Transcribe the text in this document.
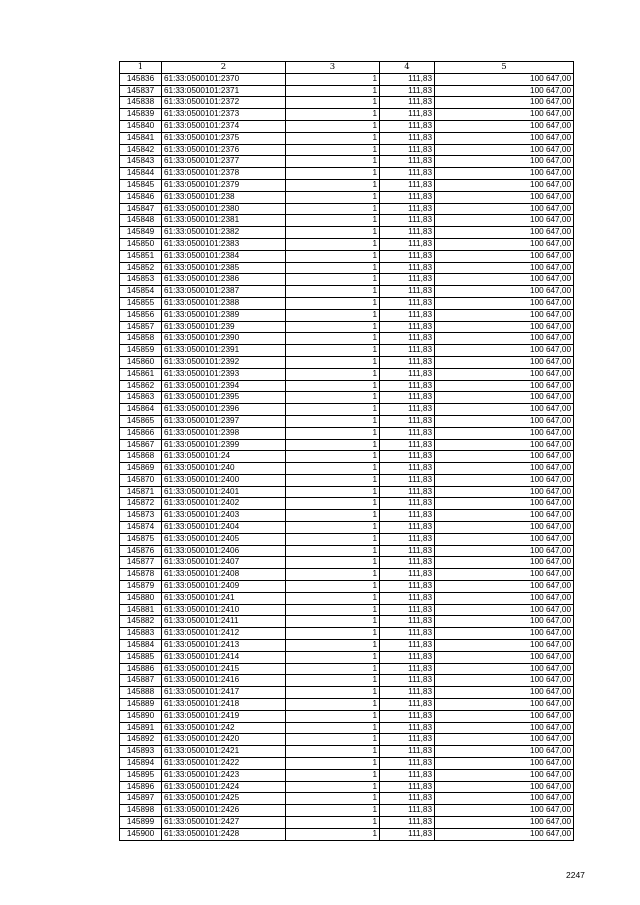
1	2	3	4	5
145836	61:33:0500101:2370	1	111,83	100 647,00
145837	61:33:0500101:2371	1	111,83	100 647,00
145838	61:33:0500101:2372	1	111,83	100 647,00
145839	61:33:0500101:2373	1	111,83	100 647,00
145840	61:33:0500101:2374	1	111,83	100 647,00
145841	61:33:0500101:2375	1	111,83	100 647,00
145842	61:33:0500101:2376	1	111,83	100 647,00
145843	61:33:0500101:2377	1	111,83	100 647,00
145844	61:33:0500101:2378	1	111,83	100 647,00
145845	61:33:0500101:2379	1	111,83	100 647,00
145846	61:33:0500101:238	1	111,83	100 647,00
145847	61:33:0500101:2380	1	111,83	100 647,00
145848	61:33:0500101:2381	1	111,83	100 647,00
145849	61:33:0500101:2382	1	111,83	100 647,00
145850	61:33:0500101:2383	1	111,83	100 647,00
145851	61:33:0500101:2384	1	111,83	100 647,00
145852	61:33:0500101:2385	1	111,83	100 647,00
145853	61:33:0500101:2386	1	111,83	100 647,00
145854	61:33:0500101:2387	1	111,83	100 647,00
145855	61:33:0500101:2388	1	111,83	100 647,00
145856	61:33:0500101:2389	1	111,83	100 647,00
145857	61:33:0500101:239	1	111,83	100 647,00
145858	61:33:0500101:2390	1	111,83	100 647,00
145859	61:33:0500101:2391	1	111,83	100 647,00
145860	61:33:0500101:2392	1	111,83	100 647,00
145861	61:33:0500101:2393	1	111,83	100 647,00
145862	61:33:0500101:2394	1	111,83	100 647,00
145863	61:33:0500101:2395	1	111,83	100 647,00
145864	61:33:0500101:2396	1	111,83	100 647,00
145865	61:33:0500101:2397	1	111,83	100 647,00
145866	61:33:0500101:2398	1	111,83	100 647,00
145867	61:33:0500101:2399	1	111,83	100 647,00
145868	61:33:0500101:24	1	111,83	100 647,00
145869	61:33:0500101:240	1	111,83	100 647,00
145870	61:33:0500101:2400	1	111,83	100 647,00
145871	61:33:0500101:2401	1	111,83	100 647,00
145872	61:33:0500101:2402	1	111,83	100 647,00
145873	61:33:0500101:2403	1	111,83	100 647,00
145874	61:33:0500101:2404	1	111,83	100 647,00
145875	61:33:0500101:2405	1	111,83	100 647,00
145876	61:33:0500101:2406	1	111,83	100 647,00
145877	61:33:0500101:2407	1	111,83	100 647,00
145878	61:33:0500101:2408	1	111,83	100 647,00
145879	61:33:0500101:2409	1	111,83	100 647,00
145880	61:33:0500101:241	1	111,83	100 647,00
145881	61:33:0500101:2410	1	111,83	100 647,00
145882	61:33:0500101:2411	1	111,83	100 647,00
145883	61:33:0500101:2412	1	111,83	100 647,00
145884	61:33:0500101:2413	1	111,83	100 647,00
145885	61:33:0500101:2414	1	111,83	100 647,00
145886	61:33:0500101:2415	1	111,83	100 647,00
145887	61:33:0500101:2416	1	111,83	100 647,00
145888	61:33:0500101:2417	1	111,83	100 647,00
145889	61:33:0500101:2418	1	111,83	100 647,00
145890	61:33:0500101:2419	1	111,83	100 647,00
145891	61:33:0500101:242	1	111,83	100 647,00
145892	61:33:0500101:2420	1	111,83	100 647,00
145893	61:33:0500101:2421	1	111,83	100 647,00
145894	61:33:0500101:2422	1	111,83	100 647,00
145895	61:33:0500101:2423	1	111,83	100 647,00
145896	61:33:0500101:2424	1	111,83	100 647,00
145897	61:33:0500101:2425	1	111,83	100 647,00
145898	61:33:0500101:2426	1	111,83	100 647,00
145899	61:33:0500101:2427	1	111,83	100 647,00
145900	61:33:0500101:2428	1	111,83	100 647,00
2247
